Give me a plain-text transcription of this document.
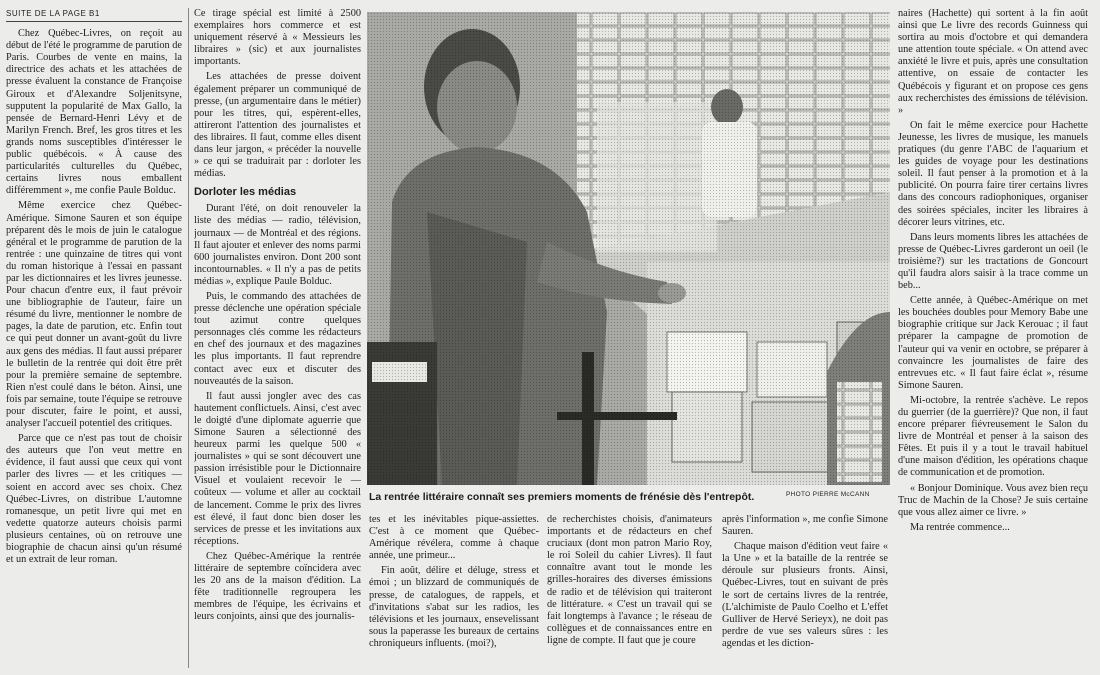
SUITE DE LA PAGE B1

Chez Québec-Livres, on reçoit au début de l'été le programme de parution de Paris. Courbes de vente en mains, la directrice des achats et les attachées de presse évaluent la constance de Françoise Giroux et d'Alexandre Soljenitsyne, supputent la popularité de Max Gallo, la pensée de Bernard-Henri Lévy et de Marilyn French. Bref, les gros titres et les grands noms susceptibles d'intéresser le public québécois. « À cause des particularités culturelles du Québec, certains livres nous emballent différemment », me confie Paule Bolduc.

Même exercice chez Québec-Amérique. Simone Sauren et son équipe préparent dès le mois de juin le catalogue général et le programme de parution de la rentrée : une quinzaine de titres qui vont du roman historique à l'essai en passant par les dictionnaires et les livres jeunesse. Pour chacun d'entre eux, il faut prévoir une bibliographie de l'auteur, faire un résumé du livre, mentionner le nombre de pages, la date de parution, etc. Enfin tout ce qui peut donner un avant-goût du livre aux gens des médias. Il faut aussi préparer le bulletin de la rentrée qui doit être prêt pour la première semaine de septembre. Rien n'est coulé dans le béton. Ainsi, une fois par semaine, toute l'équipe se retrouve pour discuter, faire le point, et aussi, analyser l'accueil potentiel des critiques.

Parce que ce n'est pas tout de choisir des auteurs que l'on veut mettre en évidence, il faut aussi que ceux qui vont parler des livres — et les critiques — soient en accord avec ses choix. Chez Québec-Livres, on distribue L'automne romanesque, un petit livre qui met en vedette quatorze auteurs choisis parmi plusieurs centaines, où on retrouve une biographie de chacun ainsi qu'un résumé et un extrait de leur roman.

Ce tirage spécial est limité à 2500 exemplaires hors commerce et est uniquement réservé à « Messieurs les libraires » (sic) et aux journalistes importants.

Les attachées de presse doivent également préparer un communiqué de presse, (un argumentaire dans le métier) pour les titres, qui, espèrent-elles, attireront l'attention des journalistes et des libraires. Il faut, comme elles disent dans leur jargon, « précéder la nouvelle » ce qui se traduirait par : dorloter les médias.

Dorloter les médias

Durant l'été, on doit renouveler la liste des médias — radio, télévision, journaux — de Montréal et des régions. Il faut ajouter et enlever des noms parmi 600 journalistes environ. Dont 200 sont incontournables. « Il n'y a pas de petits médias », explique Paule Bolduc.

Puis, le commando des attachées de presse déclenche une opération spéciale tout azimut contre quelques personnages clés comme les rédacteurs en chef des journaux et des magazines les plus importants. Il faut reprendre contact avec eux et discuter des nouveautés de la saison.

Il faut aussi jongler avec des cas hautement conflictuels. Ainsi, c'est avec le doigté d'une diplomate aguerrie que Simone Sauren a sélectionné des heureux parmi les quelque 500 « journalistes » qui se sont découvert une passion irrésistible pour le Dictionnaire Visuel et voulaient recevoir le — coûteux — volume et aller au cocktail de lancement. Comme le prix des livres est élevé, il faut donc bien doser les services de presse et les invitations aux réceptions.

Chez Québec-Amérique la rentrée littéraire de septembre coïncidera avec les 20 ans de la maison d'édition. La fête traditionnelle regroupera les membres de l'équipe, les écrivains et leurs conjoints, ainsi que des journalis-

La rentrée littéraire connaît ses premiers moments de frénésie dès l'entrepôt.	PHOTO PIERRE McCANN

tes et les inévitables pique-assiettes. C'est à ce moment que Québec-Amérique révélera, comme à chaque année, une primeur...

Fin août, délire et déluge, stress et émoi ; un blizzard de communiqués de presse, de catalogues, de rappels, et d'invitations s'abat sur les radios, les télévisions et les journaux, ensevelissant sous la paperasse les bureaux de certains chroniqueurs influents. (moi?),

de recherchistes choisis, d'animateurs importants et de rédacteurs en chef cruciaux (dont mon patron Mario Roy, le roi Soleil du cahier Livres). Il faut connaître avant tout le monde les grilles-horaires des diverses émissions de radio et de télévision qui traiteront de littérature. « C'est un travail qui se fait longtemps à l'avance ; le réseau de collègues et de connaissances entre en ligne de compte. Il faut que je coure

après l'information », me confie Simone Sauren.

Chaque maison d'édition veut faire « la Une » et la bataille de la rentrée se déroule sur plusieurs fronts. Ainsi, Québec-Livres, tout en suivant de près le sort de certains livres de la rentrée, (L'alchimiste de Paulo Coelho et L'effet Gulliver de Hervé Serieyx), ne doit pas perdre de vue ses valeurs sûres : les agendas et les diction-

naires (Hachette) qui sortent à la fin août ainsi que Le livre des records Guinness qui sortira au mois d'octobre et qui demandera une attention toute spéciale. « On attend avec anxiété le livre et puis, après une consultation attentive, on essaie de contacter les Québécois y figurant et on propose ces gens aux recherchistes des émissions de télévision. »

On fait le même exercice pour Hachette Jeunesse, les livres de musique, les manuels pratiques (du genre l'ABC de l'aquarium et les guides de voyage pour les destinations soleil. Il faut penser à la promotion et à la publicité. On pourra faire tirer certains livres dans des concours radiophoniques, organiser des soirées spéciales, inciter les libraires à décorer leurs vitrines, etc.

Dans leurs moments libres les attachées de presse de Québec-Livres garderont un oeil (le troisième?) sur les tractations de Goncourt qu'il faudra alors saisir à la trace comme un beb...

Cette année, à Québec-Amérique on met les bouchées doubles pour Memory Babe une biographie critique sur Jack Kerouac ; il faut préparer la campagne de promotion de l'auteur qui va venir en octobre, se préparer à convaincre les journalistes de faire des entrevues etc. « Il faut faire éclat », résume Simone Sauren.

Mi-octobre, la rentrée s'achève. Le repos du guerrier (de la guerrière)? Que non, il faut encore préparer fiévreusement le Salon du livre de Montréal et penser à la saison des Fêtes. Et puis il y a tout le travail habituel d'une maison d'édition, les opérations chaque de communication et de promotion.

« Bonjour Dominique. Vous avez bien reçu Truc de Machin de la Chose? Je suis certaine que vous allez aimer ce livre. »

Ma rentrée commence...
